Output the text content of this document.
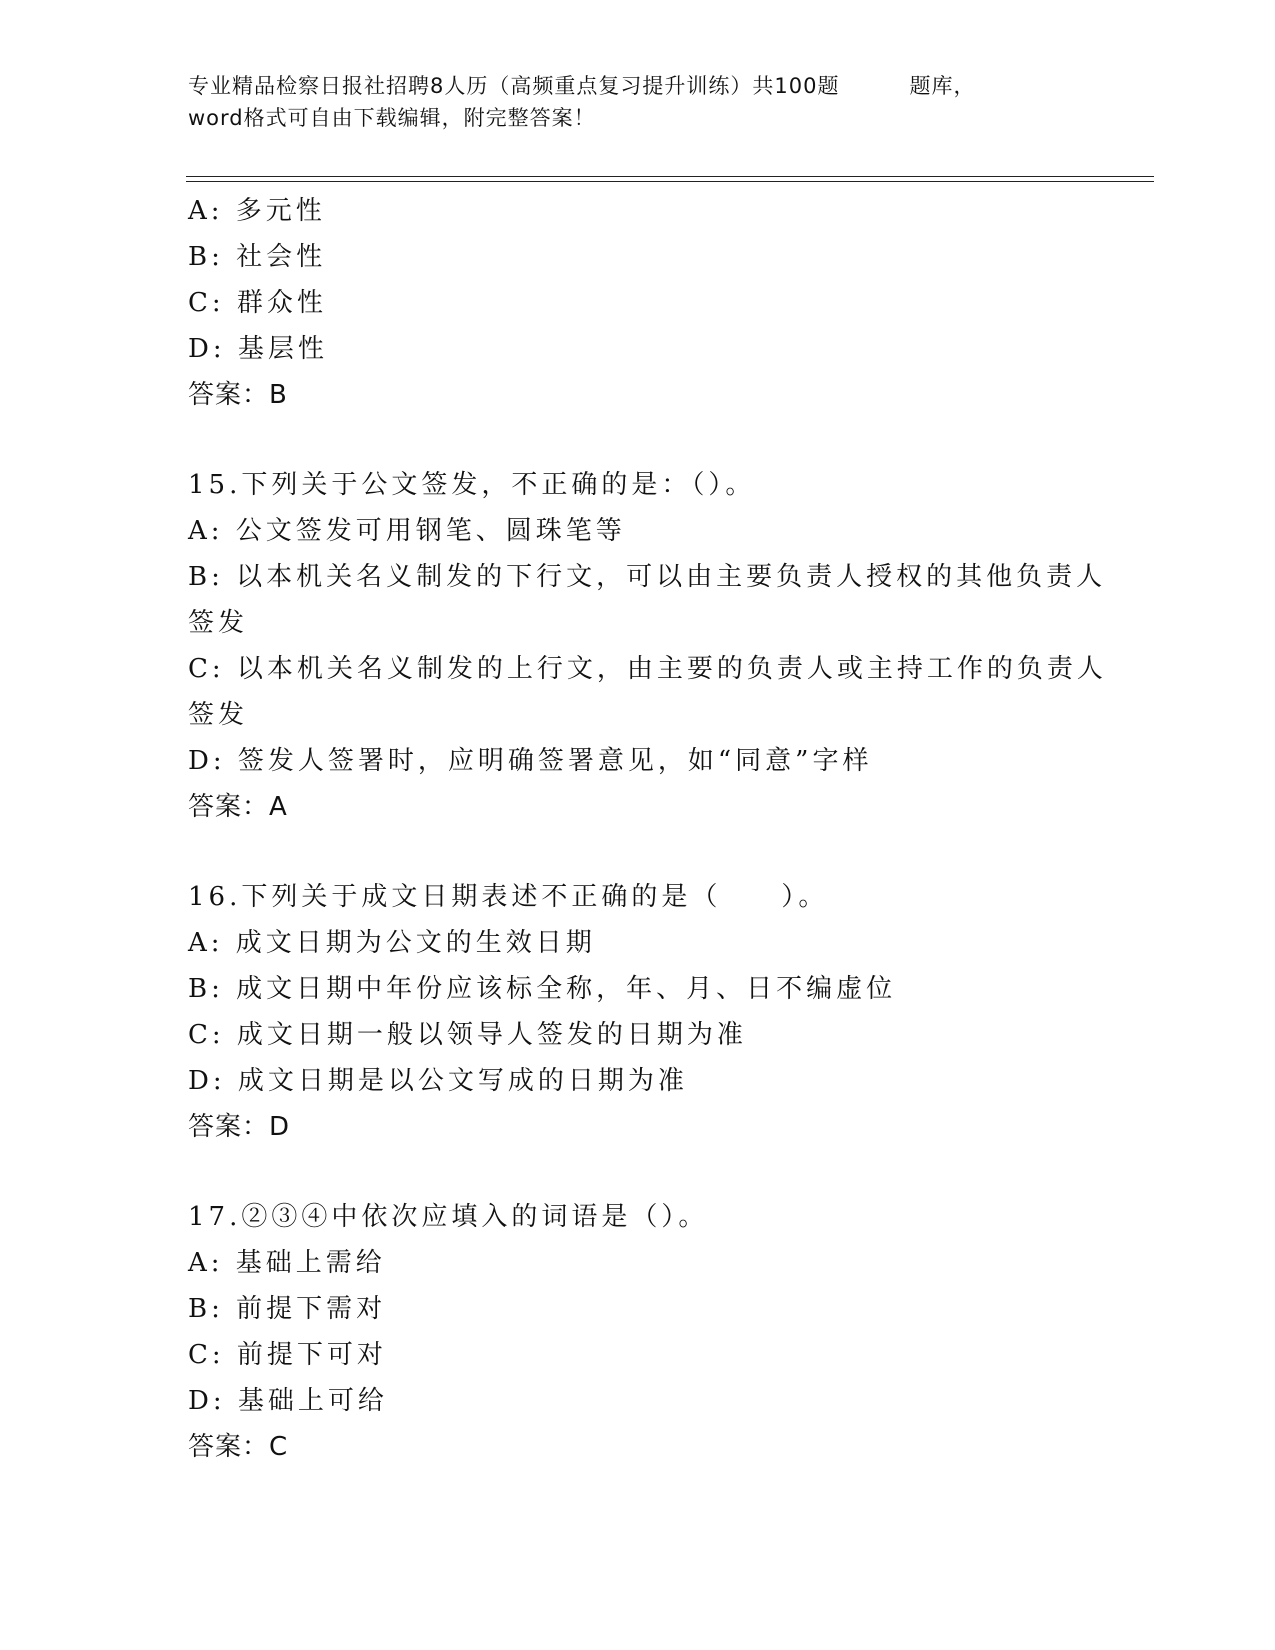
专业精品检察日报社招聘8人历（高频重点复习提升训练）共100题	题库，
word格式可自由下载编辑，附完整答案！
A: 多元性
B: 社会性
C: 群众性
D: 基层性
答案：B
15.下列关于公文签发，不正确的是：（）。
A: 公文签发可用钢笔、圆珠笔等
B: 以本机关名义制发的下行文，可以由主要负责人授权的其他负责人
签发
C: 以本机关名义制发的上行文，由主要的负责人或主持工作的负责人
签发
D: 签发人签署时，应明确签署意见，如“同意”字样
答案：A
16.下列关于成文日期表述不正确的是（　　）。
A: 成文日期为公文的生效日期
B: 成文日期中年份应该标全称，年、月、日不编虚位
C: 成文日期一般以领导人签发的日期为准
D: 成文日期是以公文写成的日期为准
答案：D
17.②③④中依次应填入的词语是（）。
A: 基础上需给
B: 前提下需对
C: 前提下可对
D: 基础上可给
答案：C
